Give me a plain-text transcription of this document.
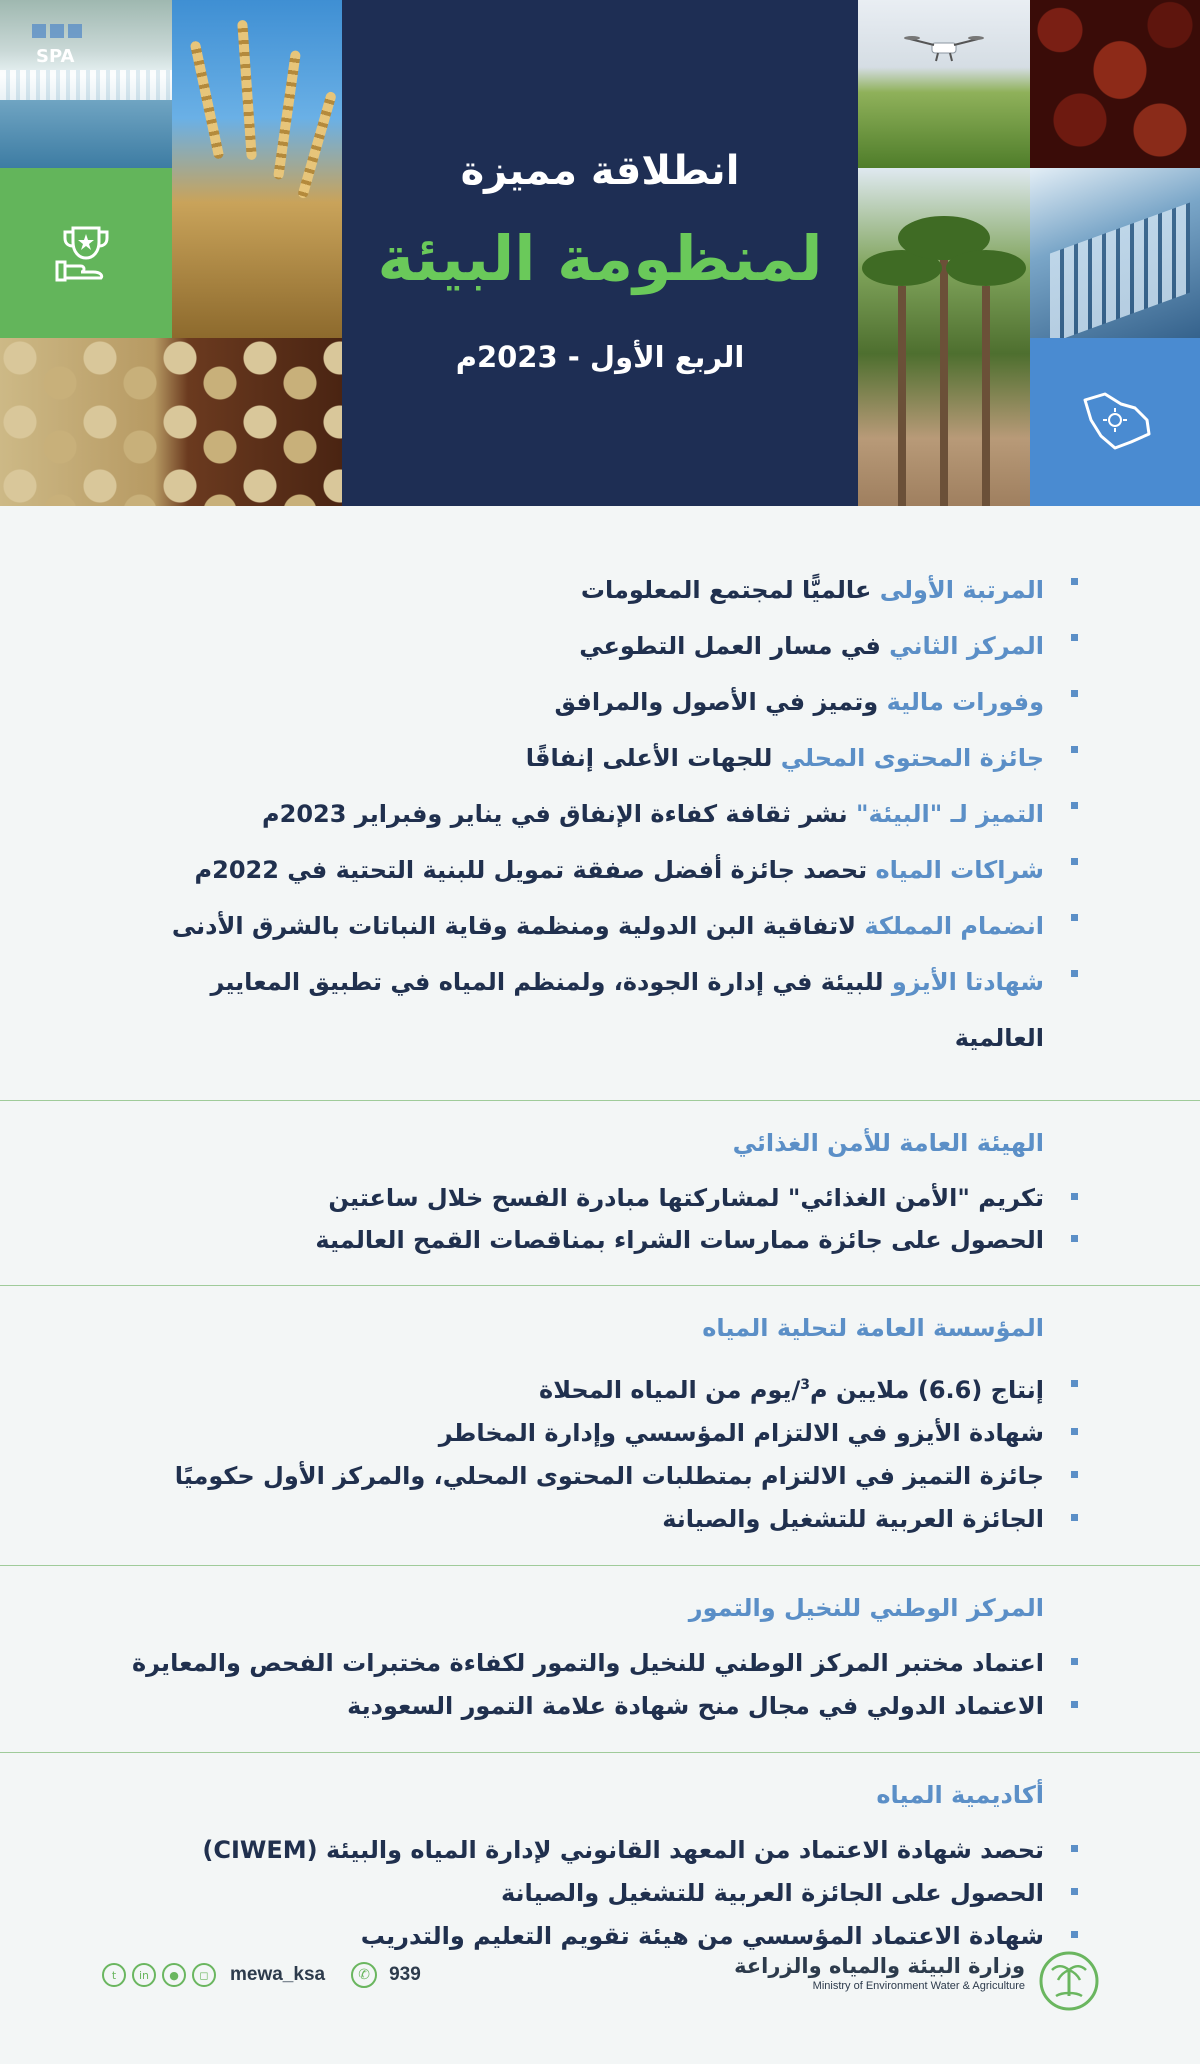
SPA
انطلاقة مميزة
لمنظومة البيئة
الربع الأول - 2023م
المرتبة الأولى عالميًّا لمجتمع المعلومات
المركز الثاني في مسار العمل التطوعي
وفورات مالية وتميز في الأصول والمرافق
جائزة المحتوى المحلي للجهات الأعلى إنفاقًا
التميز لـ "البيئة" نشر ثقافة كفاءة الإنفاق في يناير وفبراير 2023م
شراكات المياه تحصد جائزة أفضل صفقة تمويل للبنية التحتية في 2022م
انضمام المملكة لاتفاقية البن الدولية ومنظمة وقاية النباتات بالشرق الأدنى
شهادتا الأيزو للبيئة في إدارة الجودة، ولمنظم المياه في تطبيق المعايير العالمية
الهيئة العامة للأمن الغذائي
تكريم "الأمن الغذائي" لمشاركتها مبادرة الفسح خلال ساعتين
الحصول على جائزة ممارسات الشراء بمناقصات القمح العالمية
المؤسسة العامة لتحلية المياه
إنتاج (6.6) ملايين م$^3$/يوم من المياه المحلاة
شهادة الأيزو في الالتزام المؤسسي وإدارة المخاطر
جائزة التميز في الالتزام بمتطلبات المحتوى المحلي، والمركز الأول حكوميًا
الجائزة العربية للتشغيل والصيانة
المركز الوطني للنخيل والتمور
اعتماد مختبر المركز الوطني للنخيل والتمور لكفاءة مختبرات الفحص والمعايرة
الاعتماد الدولي في مجال منح شهادة علامة التمور السعودية
أكاديمية المياه
تحصد شهادة الاعتماد من المعهد القانوني لإدارة المياه والبيئة (CIWEM)
الحصول على الجائزة العربية للتشغيل والصيانة
شهادة الاعتماد المؤسسي من هيئة تقويم التعليم والتدريب
وزارة البيئة والمياه والزراعة
Ministry of Environment Water & Agriculture
t	in	●	◻	mewa_ksa	✆	939
